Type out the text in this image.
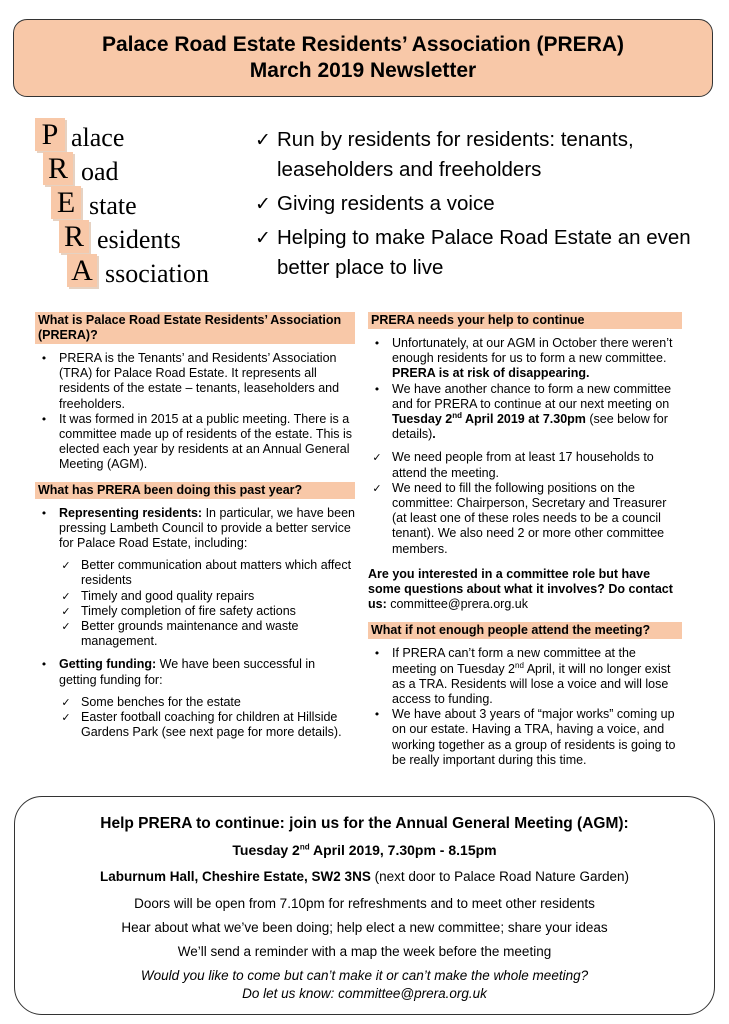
Palace Road Estate Residents’ Association (PRERA)
March 2019 Newsletter
P alace
R oad
E state
R esidents
A ssociation
✓ Run by residents for residents: tenants, leaseholders and freeholders
✓ Giving residents a voice
✓ Helping to make Palace Road Estate an even better place to live
What is Palace Road Estate Residents’ Association (PRERA)?
• PRERA is the Tenants’ and Residents’ Association (TRA) for Palace Road Estate. It represents all residents of the estate – tenants, leaseholders and freeholders.
• It was formed in 2015 at a public meeting. There is a committee made up of residents of the estate. This is elected each year by residents at an Annual General Meeting (AGM).
What has PRERA been doing this past year?
• Representing residents: In particular, we have been pressing Lambeth Council to provide a better service for Palace Road Estate, including:
✓ Better communication about matters which affect residents
✓ Timely and good quality repairs
✓ Timely completion of fire safety actions
✓ Better grounds maintenance and waste management.
• Getting funding: We have been successful in getting funding for:
✓ Some benches for the estate
✓ Easter football coaching for children at Hillside Gardens Park (see next page for more details).
PRERA needs your help to continue
• Unfortunately, at our AGM in October there weren’t enough residents for us to form a new committee. PRERA is at risk of disappearing.
• We have another chance to form a new committee and for PRERA to continue at our next meeting on Tuesday 2nd April 2019 at 7.30pm (see below for details).
✓ We need people from at least 17 households to attend the meeting.
✓ We need to fill the following positions on the committee: Chairperson, Secretary and Treasurer (at least one of these roles needs to be a council tenant). We also need 2 or more other committee members.
Are you interested in a committee role but have some questions about what it involves? Do contact us: committee@prera.org.uk
What if not enough people attend the meeting?
• If PRERA can’t form a new committee at the meeting on Tuesday 2nd April, it will no longer exist as a TRA. Residents will lose a voice and will lose access to funding.
• We have about 3 years of “major works” coming up on our estate. Having a TRA, having a voice, and working together as a group of residents is going to be really important during this time.
Help PRERA to continue: join us for the Annual General Meeting (AGM):
Tuesday 2nd April 2019, 7.30pm - 8.15pm
Laburnum Hall, Cheshire Estate, SW2 3NS (next door to Palace Road Nature Garden)
Doors will be open from 7.10pm for refreshments and to meet other residents
Hear about what we’ve been doing; help elect a new committee; share your ideas
We’ll send a reminder with a map the week before the meeting
Would you like to come but can’t make it or can’t make the whole meeting?
Do let us know: committee@prera.org.uk
